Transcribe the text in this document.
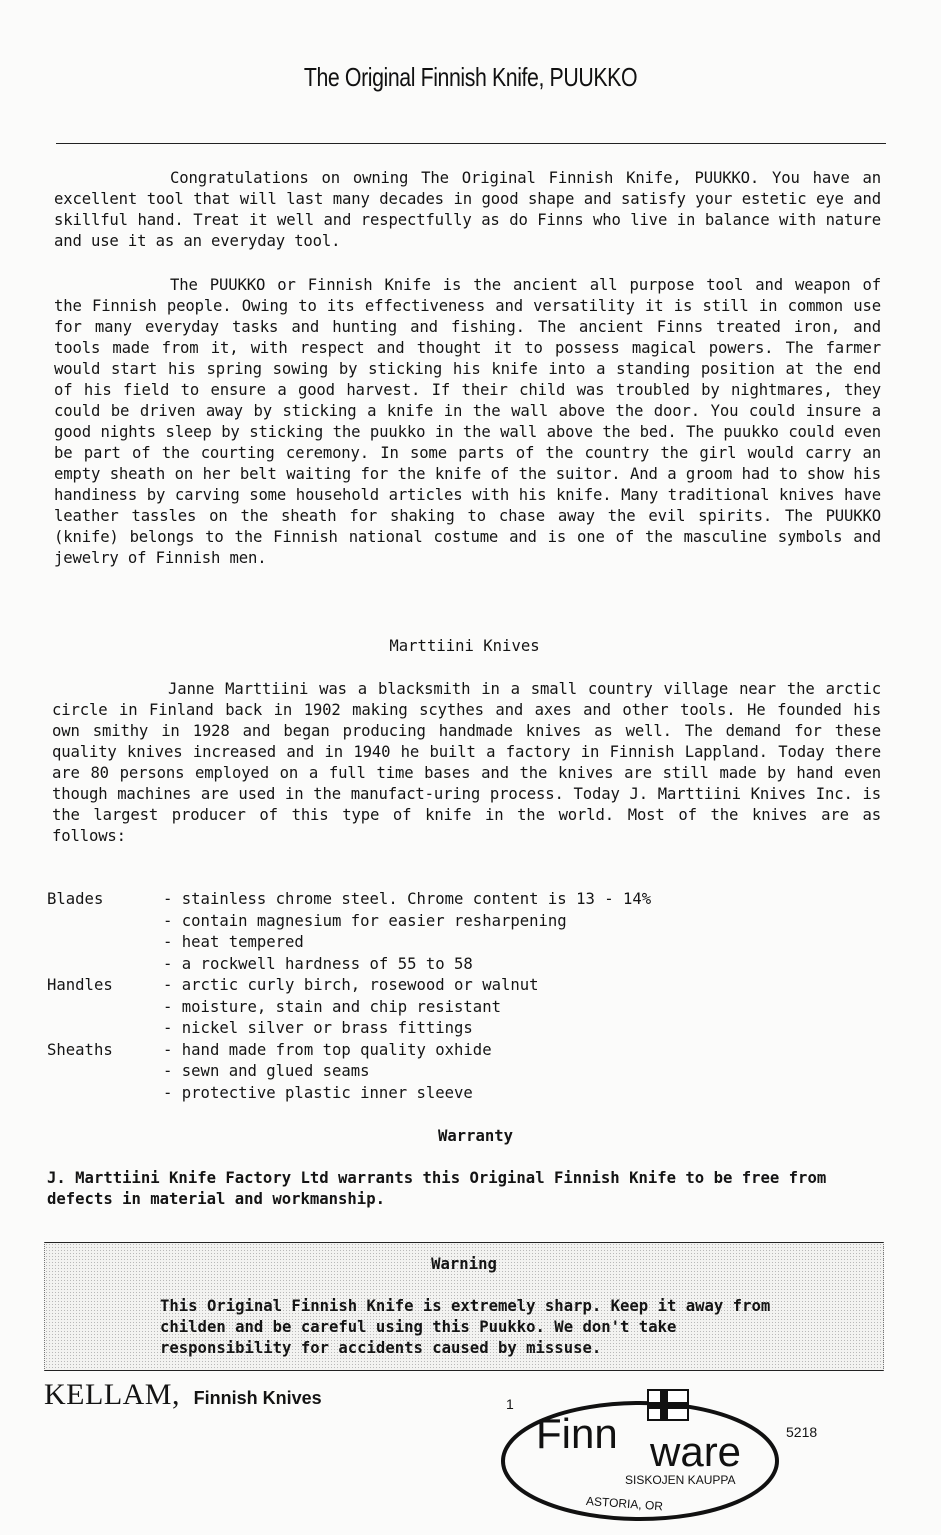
The Original Finnish Knife, PUUKKO

Congratulations on owning The Original Finnish Knife, PUUKKO. You have an excellent tool that will last many decades in good shape and satisfy your estetic eye and skillful hand. Treat it well and respectfully as do Finns who live in balance with nature and use it as an everyday tool.

The PUUKKO or Finnish Knife is the ancient all purpose tool and weapon of the Finnish people. Owing to its effectiveness and versatility it is still in common use for many everyday tasks and hunting and fishing. The ancient Finns treated iron, and tools made from it, with respect and thought it to possess magical powers. The farmer would start his spring sowing by sticking his knife into a standing position at the end of his field to ensure a good harvest. If their child was troubled by nightmares, they could be driven away by sticking a knife in the wall above the door. You could insure a good nights sleep by sticking the puukko in the wall above the bed. The puukko could even be part of the courting ceremony. In some parts of the country the girl would carry an empty sheath on her belt waiting for the knife of the suitor. And a groom had to show his handiness by carving some household articles with his knife. Many traditional knives have leather tassles on the sheath for shaking to chase away the evil spirits. The PUUKKO (knife) belongs to the Finnish national costume and is one of the masculine symbols and jewelry of Finnish men.

Marttiini Knives

Janne Marttiini was a blacksmith in a small country village near the arctic circle in Finland back in 1902 making scythes and axes and other tools. He founded his own smithy in 1928 and began producing handmade knives as well. The demand for these quality knives increased and in 1940 he built a factory in Finnish Lappland. Today there are 80 persons employed on a full time bases and the knives are still made by hand even though machines are used in the manufact-uring process. Today J. Marttiini Knives Inc. is the largest producer of this type of knife in the world. Most of the knives are as follows:

Blades	- stainless chrome steel. Chrome content is 13 - 14%
- contain magnesium for easier resharpening
- heat tempered
- a rockwell hardness of 55 to 58
Handles	- arctic curly birch, rosewood or walnut
- moisture, stain and chip resistant
- nickel silver or brass fittings
Sheaths	- hand made from top quality oxhide
- sewn and glued seams
- protective plastic inner sleeve

Warranty

J. Marttiini Knife Factory Ltd warrants this Original Finnish Knife to be free from defects in material and workmanship.

Warning

This Original Finnish Knife is extremely sharp. Keep it away from childen and be careful using this Puukko. We don't take responsibility for accidents caused by missuse.

KELLAM, Finnish Knives	1
5218
Finn ware
SISKOJEN KAUPPA
ASTORIA, OR
